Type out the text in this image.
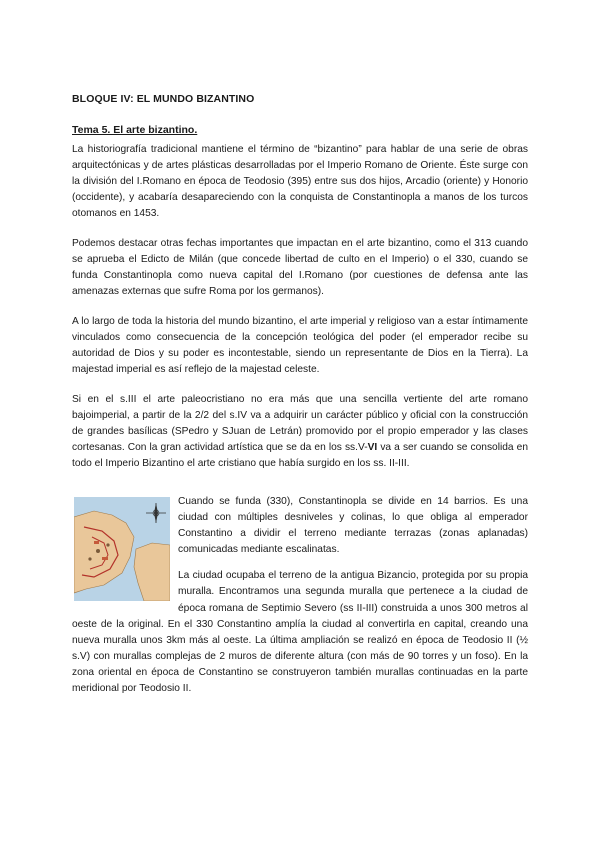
BLOQUE IV: EL MUNDO BIZANTINO
Tema 5. El arte bizantino.

La historiografía tradicional mantiene el término de “bizantino” para hablar de una serie de obras arquitectónicas y de artes plásticas desarrolladas por el Imperio Romano de Oriente. Éste surge con la división del I.Romano en época de Teodosio (395) entre sus dos hijos, Arcadio (oriente) y Honorio (occidente), y acabaría desapareciendo con la conquista de Constantinopla a manos de los turcos otomanos en 1453.

Podemos destacar otras fechas importantes que impactan en el arte bizantino, como el 313 cuando se aprueba el Edicto de Milán (que concede libertad de culto en el Imperio) o el 330, cuando se funda Constantinopla como nueva capital del I.Romano (por cuestiones de defensa ante las amenazas externas que sufre Roma por los germanos).

A lo largo de toda la historia del mundo bizantino, el arte imperial y religioso van a estar íntimamente vinculados como consecuencia de la concepción teológica del poder (el emperador recibe su autoridad de Dios y su poder es incontestable, siendo un representante de Dios en la Tierra). La majestad imperial es así reflejo de la majestad celeste.

Si en el s.III el arte paleocristiano no era más que una sencilla vertiente del arte romano bajoimperial, a partir de la 2/2 del s.IV va a adquirir un carácter público y oficial con la construcción de grandes basílicas (SPedro y SJuan de Letrán) promovido por el propio emperador y las clases cortesanas. Con la gran actividad artística que se da en los ss.V-VI va a ser cuando se consolida en todo el Imperio Bizantino el arte cristiano que había surgido en los ss. II-III.

Cuando se funda (330), Constantinopla se divide en 14 barrios. Es una ciudad con múltiples desniveles y colinas, lo que obliga al emperador Constantino a dividir el terreno mediante terrazas (zonas aplanadas) comunicadas mediante escalinatas.

La ciudad ocupaba el terreno de la antigua Bizancio, protegida por su propia muralla. Encontramos una segunda muralla que pertenece a la ciudad de época romana de Septimio Severo (ss II-III) construida a unos 300 metros al oeste de la original. En el 330 Constantino amplía la ciudad al convertirla en capital, creando una nueva muralla unos 3km más al oeste. La última ampliación se realizó en época de Teodosio II (½ s.V) con murallas complejas de 2 muros de diferente altura (con más de 90 torres y un foso). En la zona oriental en época de Constantino se construyeron también murallas continuadas en la parte meridional por Teodosio II.
